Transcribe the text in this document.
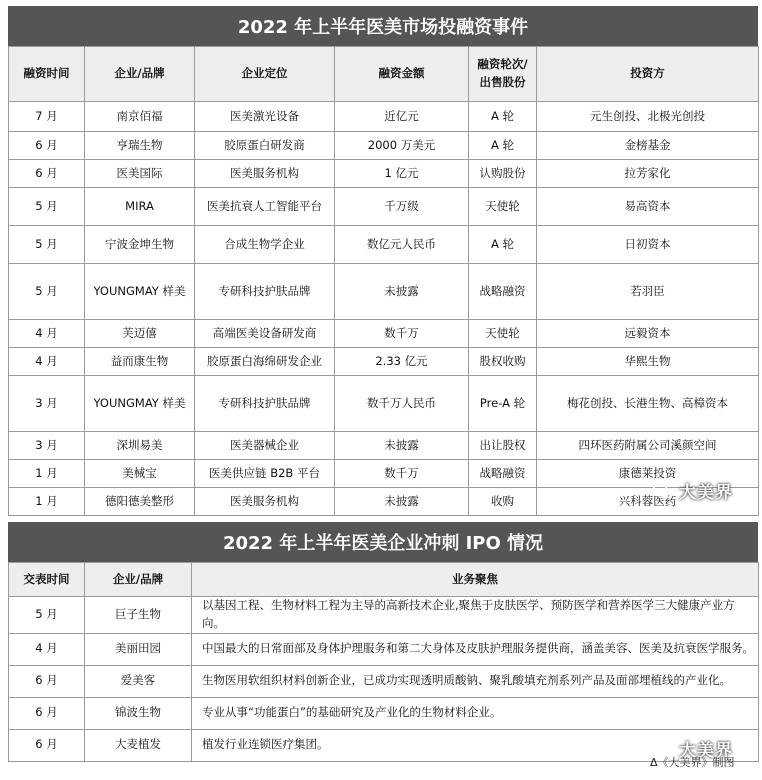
2022 年上半年医美市场投融资事件
融资时间	企业/品牌	企业定位	融资金额	融资轮次/出售股份	投资方
7 月	南京佰福	医美激光设备	近亿元	A 轮	元生创投、北极光创投
6 月	亨瑞生物	胶原蛋白研发商	2000 万美元	A 轮	金榜基金
6 月	医美国际	医美服务机构	1 亿元	认购股份	拉芳家化
5 月	MIRA	医美抗衰人工智能平台	千万级	天使轮	易高资本
5 月	宁波金坤生物	合成生物学企业	数亿元人民币	A 轮	日初资本
5 月	YOUNGMAY 样美	专研科技护肤品牌	未披露	战略融资	若羽臣
4 月	芙迈僖	高端医美设备研发商	数千万	天使轮	远毅资本
4 月	益而康生物	胶原蛋白海绵研发企业	2.33 亿元	股权收购	华熙生物
3 月	YOUNGMAY 样美	专研科技护肤品牌	数千万人民币	Pre-A 轮	梅花创投、长港生物、高樟资本
3 月	深圳易美	医美器械企业	未披露	出让股权	四环医药附属公司溪颜空间
1 月	美械宝	医美供应链 B2B 平台	数千万	战略融资	康德莱投资
1 月	德阳德美整形	医美服务机构	未披露	收购	兴科蓉医药
2022 年上半年医美企业冲刺 IPO 情况
交表时间	企业/品牌	业务聚焦
5 月	巨子生物	以基因工程、生物材料工程为主导的高新技术企业,聚焦于皮肤医学、预防医学和营养医学三大健康产业方向。
4 月	美丽田园	中国最大的日常面部及身体护理服务和第二大身体及皮肤护理服务提供商，涵盖美容、医美及抗衰医学服务。
6 月	爱美客	生物医用软组织材料创新企业，已成功实现透明质酸钠、聚乳酸填充剂系列产品及面部埋植线的产业化。
6 月	锦波生物	专业从事“功能蛋白”的基础研究及产业化的生物材料企业。
6 月	大麦植发	植发行业连锁医疗集团。
大美界
大美界
Δ《大美界》制图
